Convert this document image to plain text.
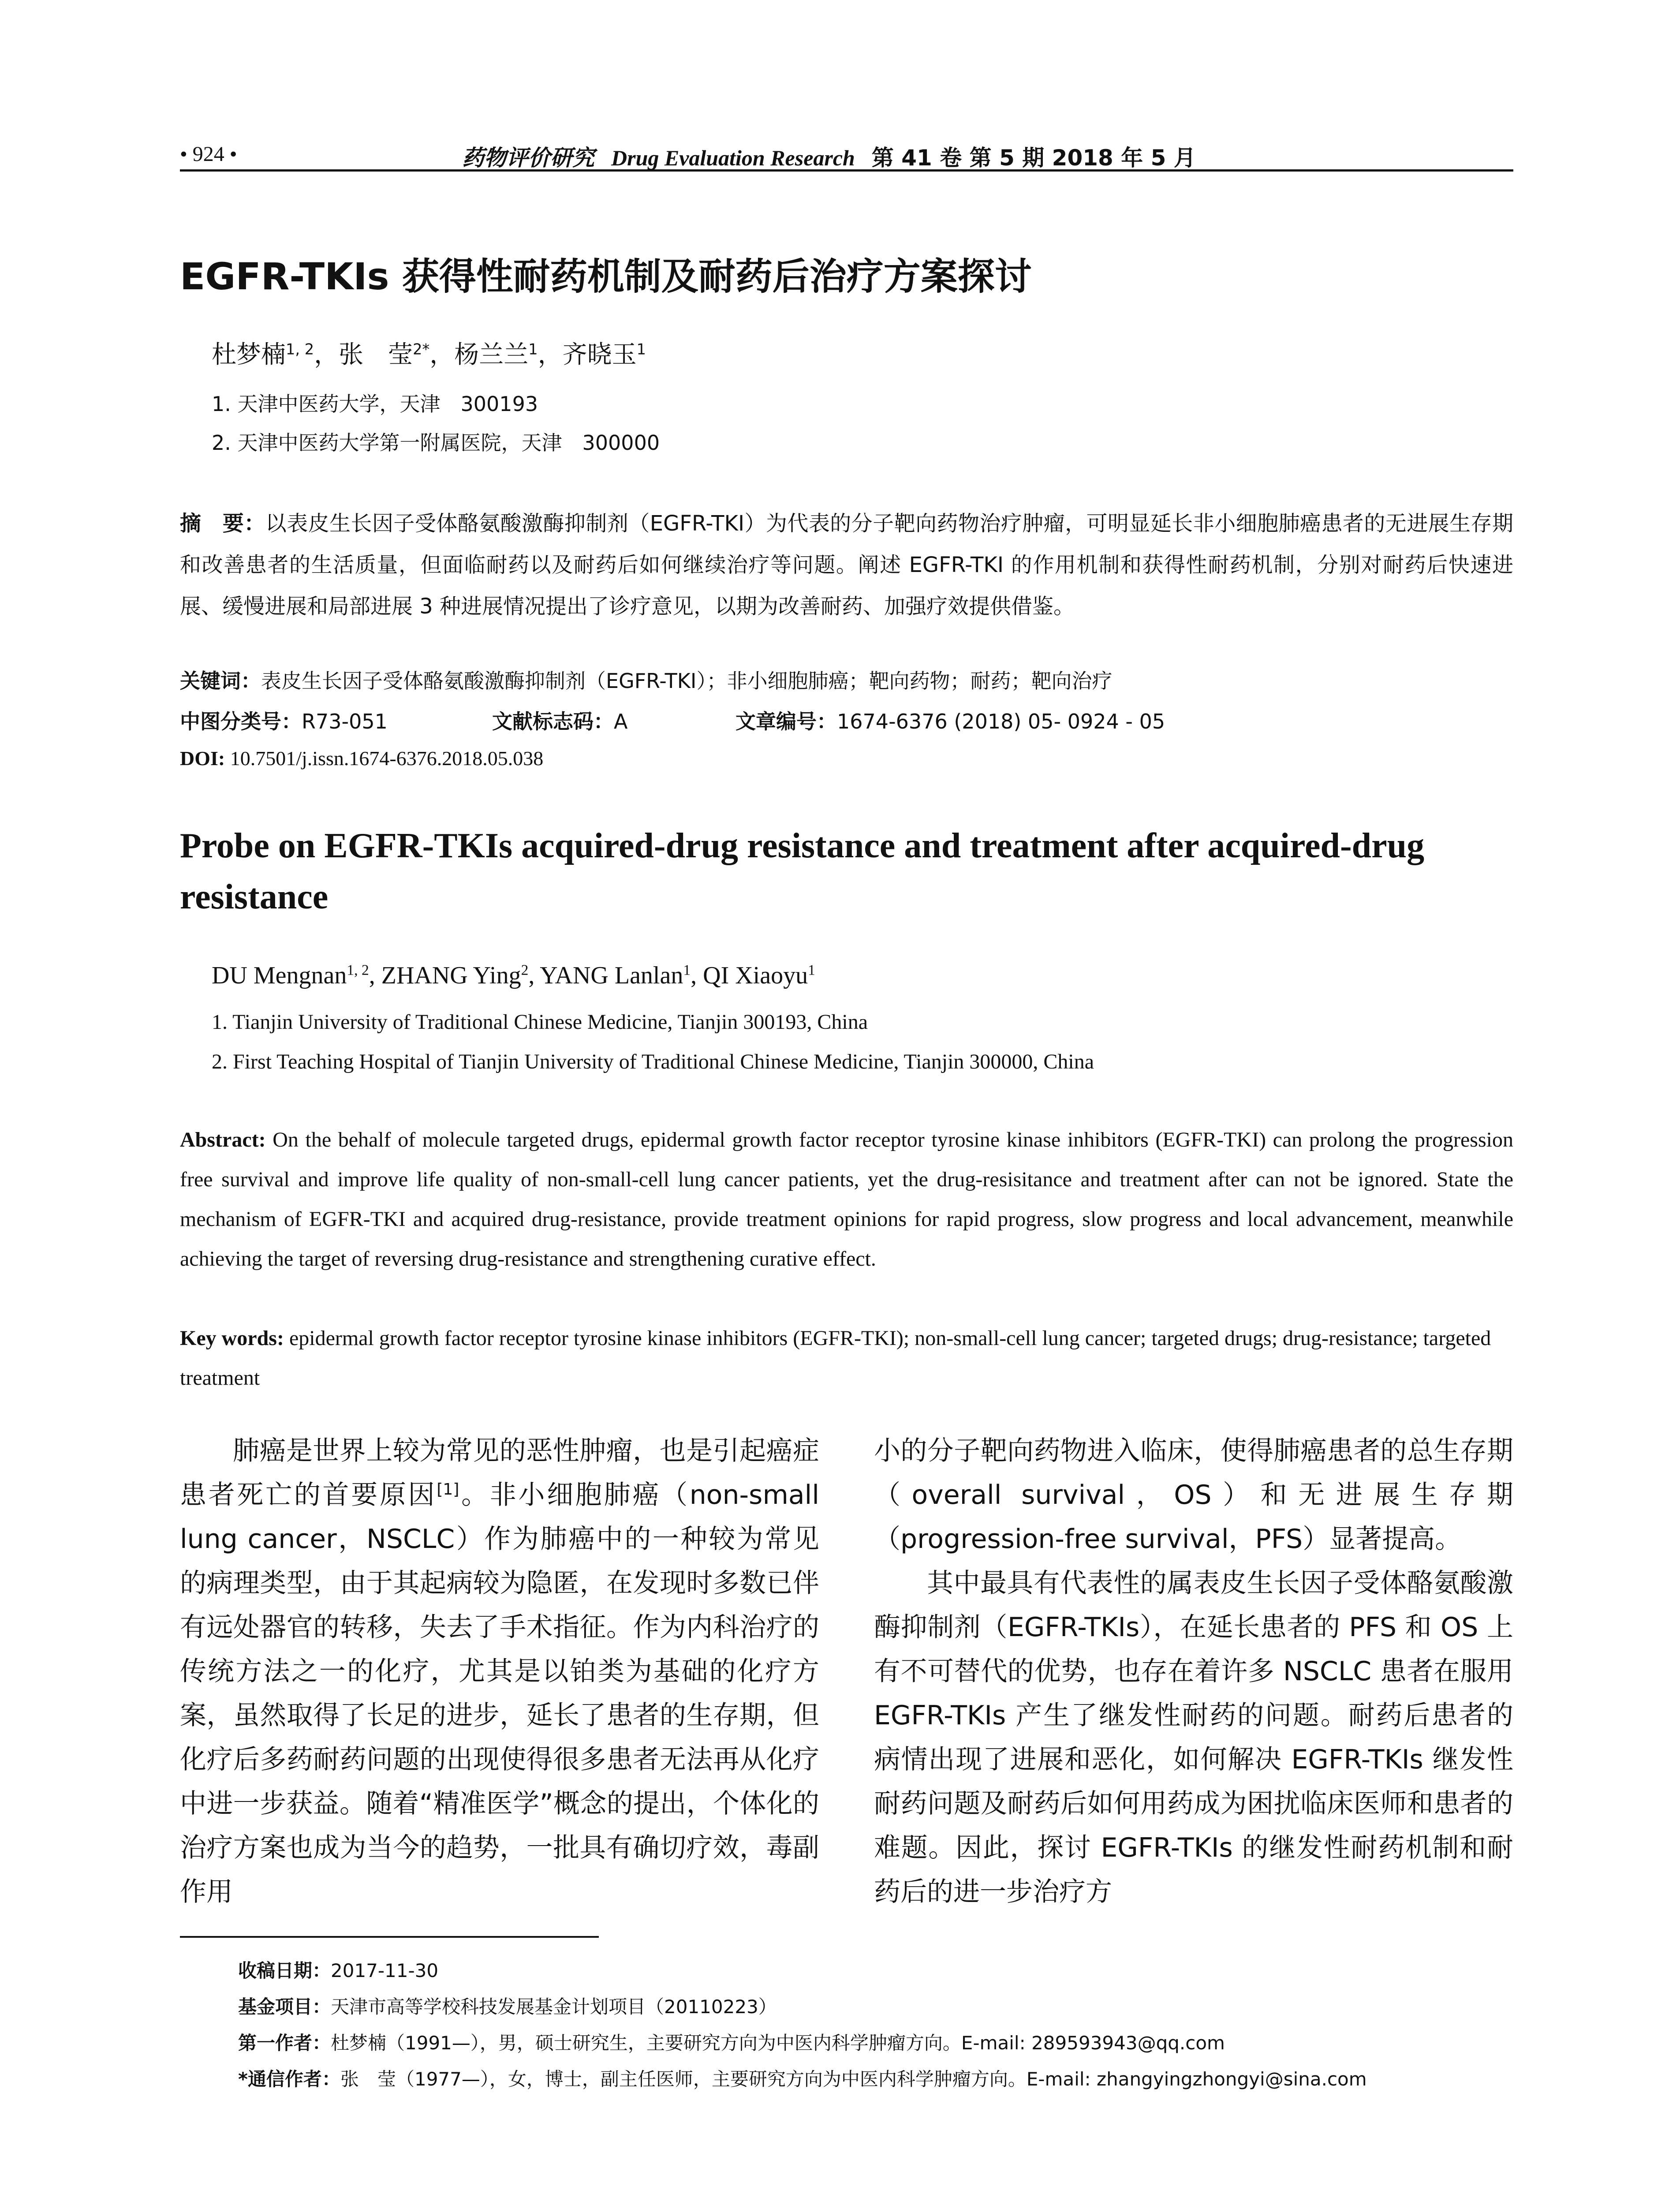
• 924 •	药物评价研究 Drug Evaluation Research 第 41 卷 第 5 期 2018 年 5 月
EGFR-TKIs 获得性耐药机制及耐药后治疗方案探讨
杜梦楠$^{1, 2}$，张　莹$^{2*}$，杨兰兰$^1$，齐晓玉$^1$
1. 天津中医药大学，天津　300193
2. 天津中医药大学第一附属医院，天津　300000
摘　要：以表皮生长因子受体酪氨酸激酶抑制剂（EGFR-TKI）为代表的分子靶向药物治疗肿瘤，可明显延长非小细胞肺癌患者的无进展生存期和改善患者的生活质量，但面临耐药以及耐药后如何继续治疗等问题。阐述 EGFR-TKI 的作用机制和获得性耐药机制，分别对耐药后快速进展、缓慢进展和局部进展 3 种进展情况提出了诊疗意见，以期为改善耐药、加强疗效提供借鉴。
关键词：表皮生长因子受体酪氨酸激酶抑制剂（EGFR-TKI）；非小细胞肺癌；靶向药物；耐药；靶向治疗
中图分类号：R73-051	文献标志码：A	文章编号：1674-6376 (2018) 05- 0924 - 05
DOI: 10.7501/j.issn.1674-6376.2018.05.038
Probe on EGFR-TKIs acquired-drug resistance and treatment after acquired-drug resistance
DU Mengnan$^{1, 2}$, ZHANG Ying$^2$, YANG Lanlan$^1$, QI Xiaoyu$^1$
1. Tianjin University of Traditional Chinese Medicine, Tianjin 300193, China
2. First Teaching Hospital of Tianjin University of Traditional Chinese Medicine, Tianjin 300000, China
Abstract: On the behalf of molecule targeted drugs, epidermal growth factor receptor tyrosine kinase inhibitors (EGFR-TKI) can prolong the progression free survival and improve life quality of non-small-cell lung cancer patients, yet the drug-resisitance and treatment after can not be ignored. State the mechanism of EGFR-TKI and acquired drug-resistance, provide treatment opinions for rapid progress, slow progress and local advancement, meanwhile achieving the target of reversing drug-resistance and strengthening curative effect.
Key words: epidermal growth factor receptor tyrosine kinase inhibitors (EGFR-TKI); non-small-cell lung cancer; targeted drugs; drug-resistance; targeted treatment

肺癌是世界上较为常见的恶性肿瘤，也是引起癌症患者死亡的首要原因[1]。非小细胞肺癌（non-small lung cancer，NSCLC）作为肺癌中的一种较为常见的病理类型，由于其起病较为隐匿，在发现时多数已伴有远处器官的转移，失去了手术指征。作为内科治疗的传统方法之一的化疗，尤其是以铂类为基础的化疗方案，虽然取得了长足的进步，延长了患者的生存期，但化疗后多药耐药问题的出现使得很多患者无法再从化疗中进一步获益。随着“精准医学”概念的提出，个体化的治疗方案也成为当今的趋势，一批具有确切疗效，毒副作用

小的分子靶向药物进入临床，使得肺癌患者的总生存期（overall survival，OS）和无进展生存期（progression-free survival，PFS）显著提高。

其中最具有代表性的属表皮生长因子受体酪氨酸激酶抑制剂（EGFR-TKIs），在延长患者的 PFS 和 OS 上有不可替代的优势，也存在着许多 NSCLC 患者在服用 EGFR-TKIs 产生了继发性耐药的问题。耐药后患者的病情出现了进展和恶化，如何解决 EGFR-TKIs 继发性耐药问题及耐药后如何用药成为困扰临床医师和患者的难题。因此，探讨 EGFR-TKIs 的继发性耐药机制和耐药后的进一步治疗方

收稿日期：2017-11-30
基金项目：天津市高等学校科技发展基金计划项目（20110223）
第一作者：杜梦楠（1991—），男，硕士研究生，主要研究方向为中医内科学肿瘤方向。E-mail: 289593943@qq.com
*通信作者：张　莹（1977—），女，博士，副主任医师，主要研究方向为中医内科学肿瘤方向。E-mail: zhangyingzhongyi@sina.com
